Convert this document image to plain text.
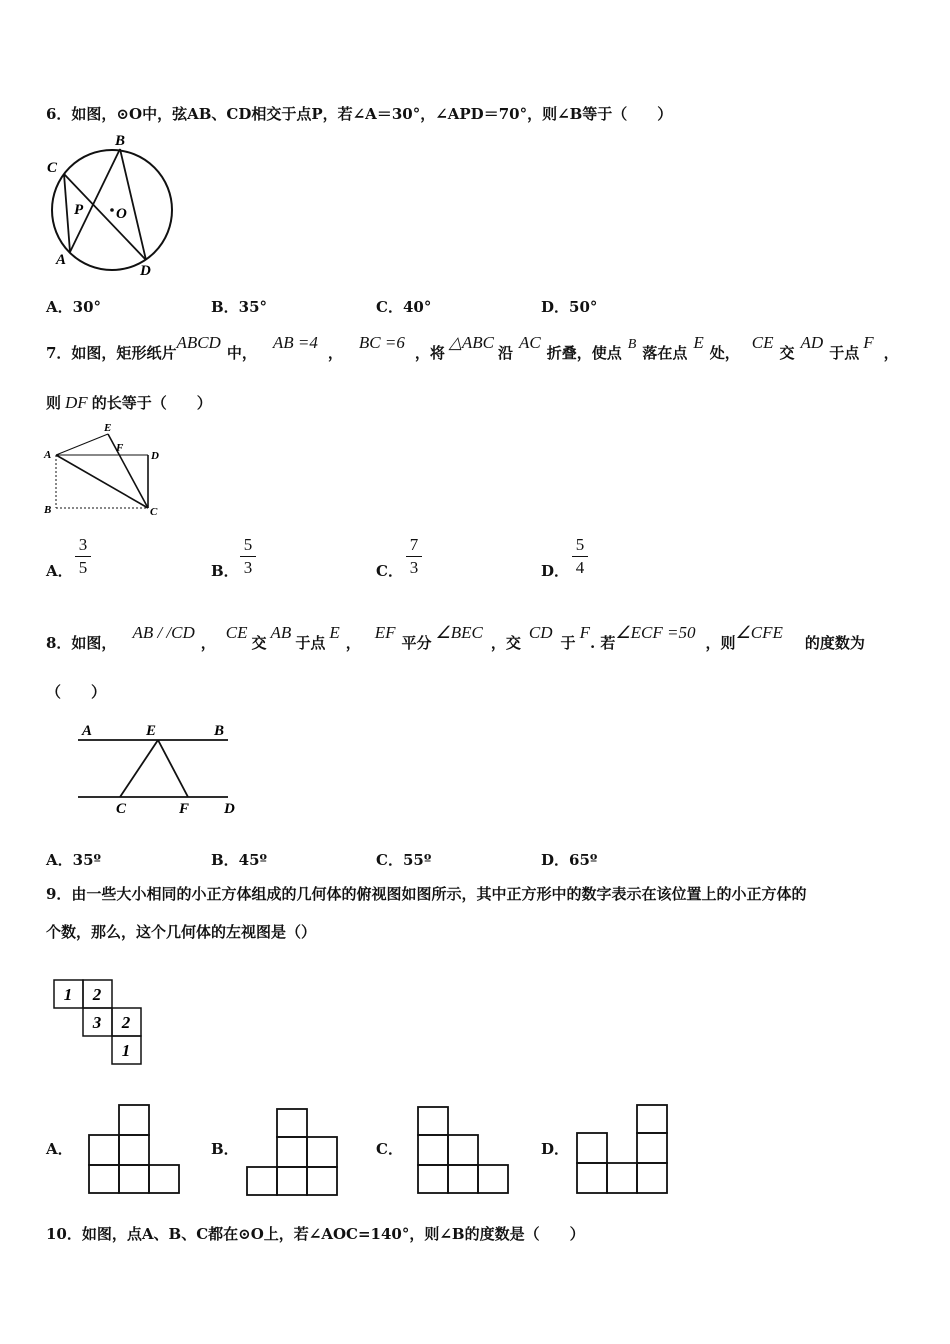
6．如图，⊙O中，弦AB、CD相交于点P，若∠A＝30°，∠APD＝70°，则∠B等于（　　）
B
C
P O
A
D
A．30°	B．35°	C．40°	D．50°
7．如图，矩形纸片ABCD中，AB =4，BC =6，将△ABC沿AC折叠，使点 B 落在点E处，CE交AD于点F，
则 DF 的长等于（　　）
E
F
A	D
B	C
A． $\frac{3}{5}$	B． $\frac{5}{3}$	C． $\frac{7}{3}$	D． $\frac{5}{4}$
8．如图，AB / /CD，CE交AB于点E，EF平分∠BEC，交CD于F. 若∠ECF =50，则∠CFE的度数为
（　　）
A	E	B
C	F D
A．35º	B．45º	C．55º	D．65º
9．由一些大小相同的小正方体组成的几何体的俯视图如图所示，其中正方形中的数字表示在该位置上的小正方体的
个数，那么，这个几何体的左视图是（）
1 2
3 2
1
A．	B．	C．	D．
10．如图，点A、B、C都在⊙O上，若∠AOC=140°，则∠B的度数是（　　）
